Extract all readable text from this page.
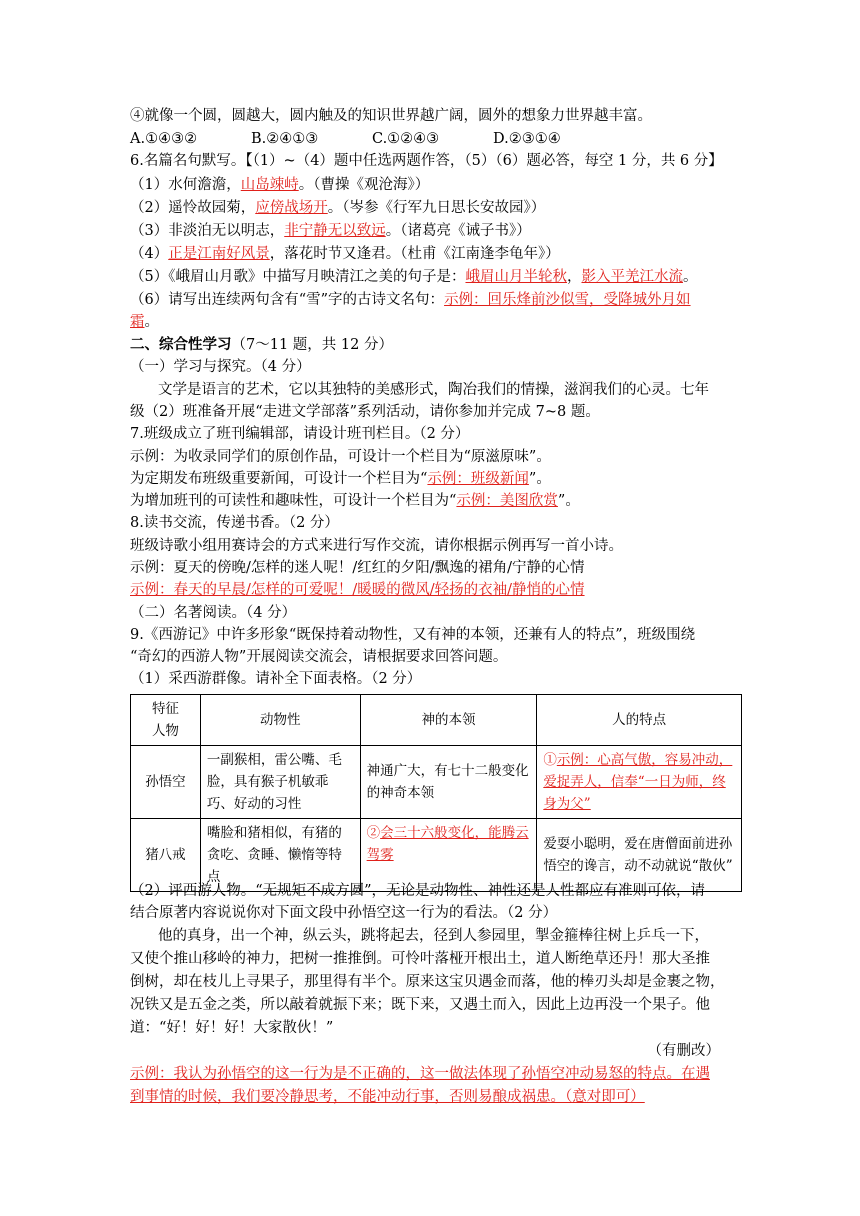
④就像一个圆，圆越大，圆内触及的知识世界越广阔，圆外的想象力世界越丰富。
A.①④③②	B.②④①③	C.①②④③	D.②③①④
6.名篇名句默写。【（1）~（4）题中任选两题作答，（5）（6）题必答，每空 1 分，共 6 分】
（1）水何澹澹，山岛竦峙。（曹操《观沧海》）
（2）遥怜故园菊，应傍战场开。（岑参《行军九日思长安故园》）
（3）非淡泊无以明志，非宁静无以致远。（诸葛亮《诫子书》）
（4）正是江南好风景，落花时节又逢君。（杜甫《江南逢李龟年》）
（5）《峨眉山月歌》中描写月映清江之美的句子是：峨眉山月半轮秋，影入平羌江水流。
（6）请写出连续两句含有“雪”字的古诗文名句：示例：回乐烽前沙似雪，受降城外月如
霜。
二、综合性学习（7～11 题，共 12 分）
（一）学习与探究。（4 分）
文学是语言的艺术，它以其独特的美感形式，陶冶我们的情操，滋润我们的心灵。七年
级（2）班准备开展“走进文学部落”系列活动，请你参加并完成 7~8 题。
7.班级成立了班刊编辑部，请设计班刊栏目。（2 分）
示例：为收录同学们的原创作品，可设计一个栏目为“原滋原味”。
为定期发布班级重要新闻，可设计一个栏目为“示例：班级新闻”。
为增加班刊的可读性和趣味性，可设计一个栏目为“示例：美图欣赏”。
8.读书交流，传递书香。（2 分）
班级诗歌小组用赛诗会的方式来进行写作交流，请你根据示例再写一首小诗。
示例：夏天的傍晚/怎样的迷人呢！/红红的夕阳/飘逸的裙角/宁静的心情
示例：春天的早晨/怎样的可爱呢！/暖暖的微风/轻扬的衣袖/静悄的心情
（二）名著阅读。（4 分）
9.《西游记》中许多形象“既保持着动物性，又有神的本领，还兼有人的特点”，班级围绕
“奇幻的西游人物”开展阅读交流会，请根据要求回答问题。
（1）采西游群像。请补全下面表格。（2 分）
特征
人物	动物性	神的本领	人的特点
孙悟空	一副猴相，雷公嘴、毛脸，具有猴子机敏乖巧、好动的习性	神通广大，有七十二般变化的神奇本领	①示例：心高气傲，容易冲动，爱捉弄人，信奉“一日为师，终身为父”
猪八戒	嘴脸和猪相似，有猪的贪吃、贪睡、懒惰等特点	②会三十六般变化，能腾云驾雾	爱耍小聪明，爱在唐僧面前进孙悟空的谗言，动不动就说“散伙”
（2）评西游人物。“无规矩不成方圆”，无论是动物性、神性还是人性都应有准则可依，请
结合原著内容说说你对下面文段中孙悟空这一行为的看法。（2 分）
他的真身，出一个神，纵云头，跳将起去，径到人参园里，掣金箍棒往树上乒乓一下，
又使个推山移岭的神力，把树一推推倒。可怜叶落桠开根出土，道人断绝草还丹！那大圣推
倒树，却在枝儿上寻果子，那里得有半个。原来这宝贝遇金而落，他的棒刃头却是金裹之物，
况铁又是五金之类，所以敲着就振下来；既下来，又遇土而入，因此上边再没一个果子。他
道：“好！好！好！大家散伙！”
（有删改）
示例：我认为孙悟空的这一行为是不正确的，这一做法体现了孙悟空冲动易怒的特点。在遇
到事情的时候，我们要冷静思考，不能冲动行事，否则易酿成祸患。（意对即可）
